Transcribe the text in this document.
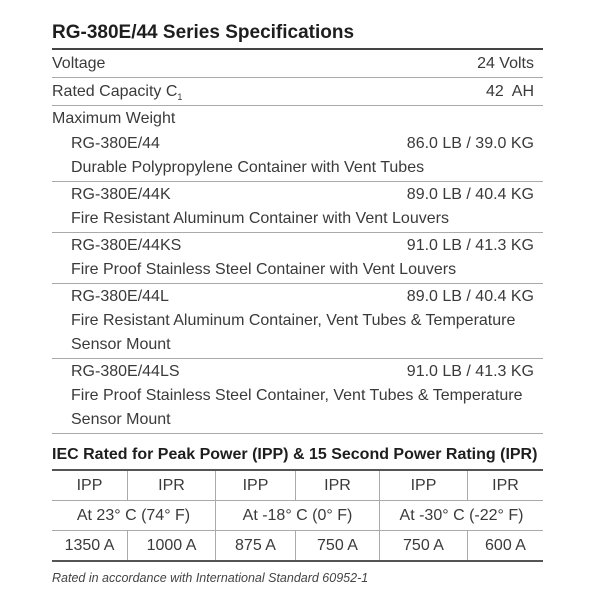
RG-380E/44 Series Specifications
Voltage	24 Volts
Rated Capacity $C_1$	42  AH
Maximum Weight
RG-380E/44	86.0 LB / 39.0 KG
Durable Polypropylene Container with Vent Tubes
RG-380E/44K	89.0 LB / 40.4 KG
Fire Resistant Aluminum Container with Vent Louvers
RG-380E/44KS	91.0 LB / 41.3 KG
Fire Proof Stainless Steel Container with Vent Louvers
RG-380E/44L	89.0 LB / 40.4 KG
Fire Resistant Aluminum Container, Vent Tubes & Temperature Sensor Mount
RG-380E/44LS	91.0 LB / 41.3 KG
Fire Proof Stainless Steel Container, Vent Tubes & Temperature Sensor Mount
IEC Rated for Peak Power (IPP) & 15 Second Power Rating (IPR)
IPP	IPR	IPP	IPR	IPP	IPR
At 23° C (74° F)		At -18° C (0° F)		At -30° C (-22° F)	
1350 A	1000 A	875 A	750 A	750 A	600 A
Rated in accordance with International Standard 60952-1
